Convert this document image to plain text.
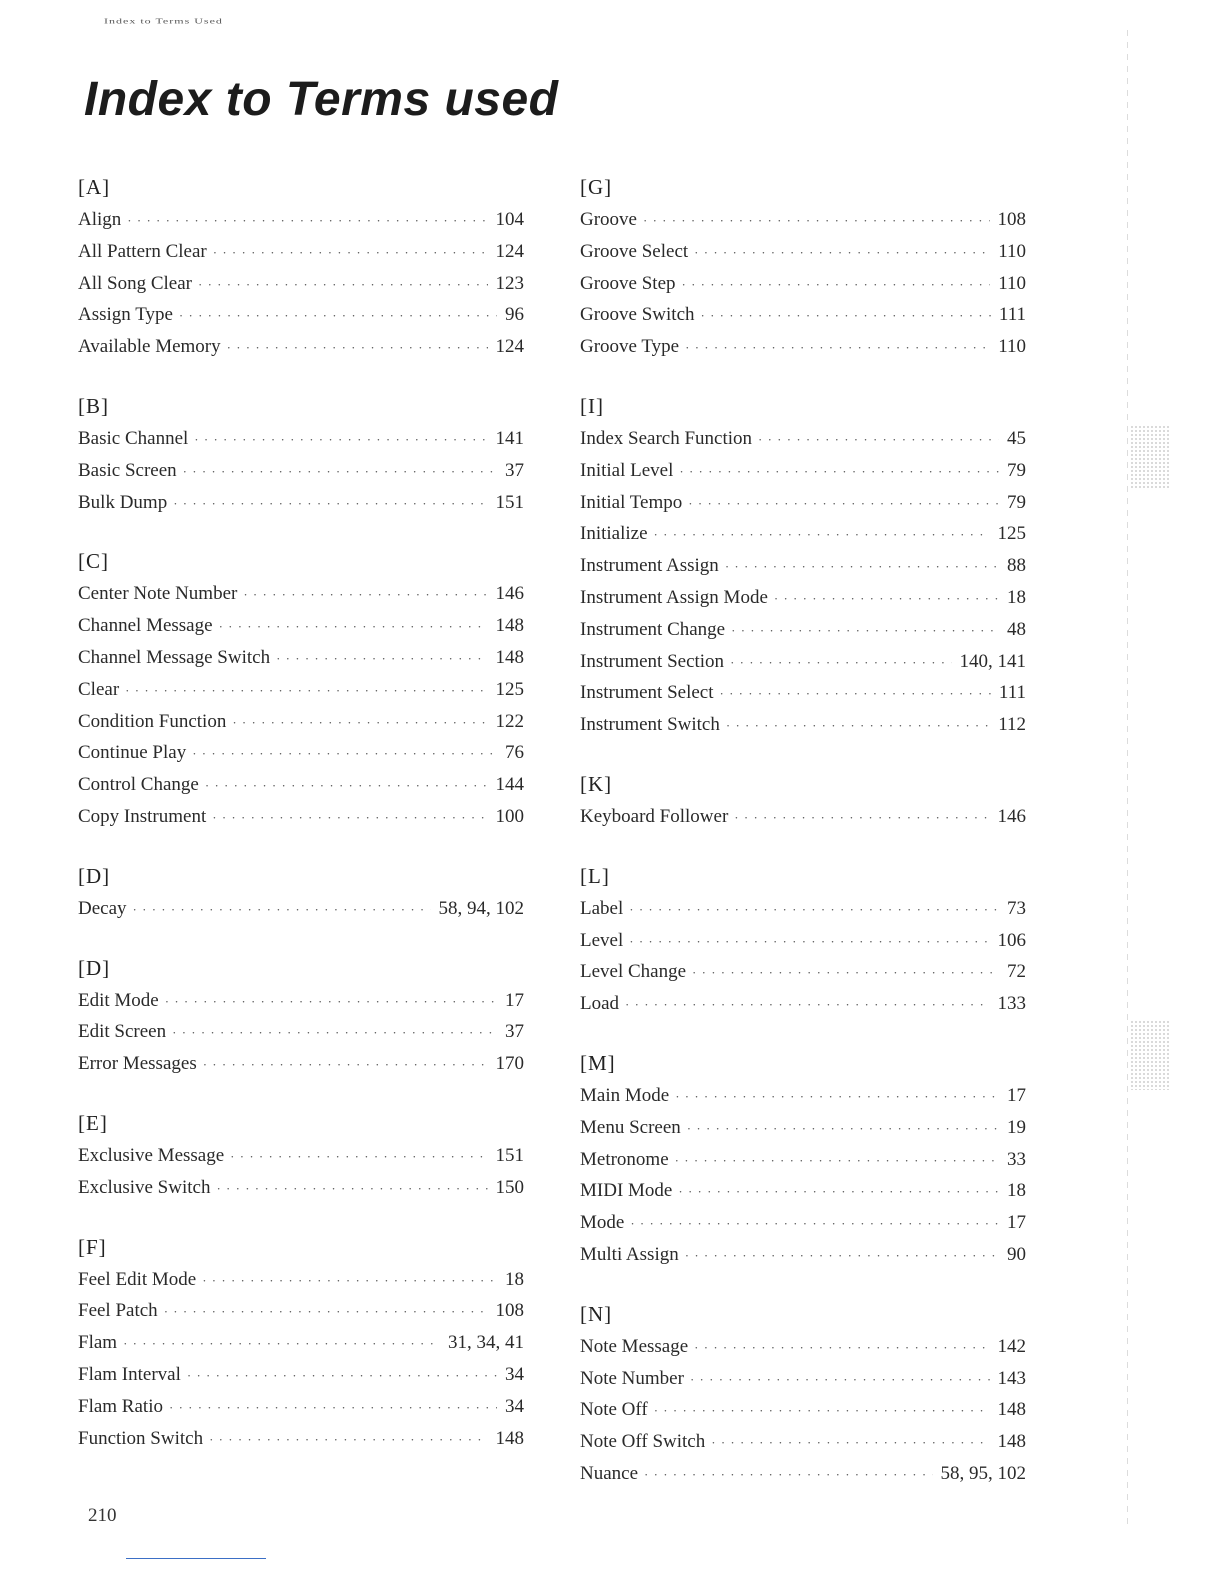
Index to Terms Used
Index to Terms used
[A]
Align · · ·	104
All Pattern Clear · · ·	124
All Song Clear · · ·	123
Assign Type · · ·	96
Available Memory · · ·	124
[B]
Basic Channel · · ·	141
Basic Screen · · ·	37
Bulk Dump · · ·	151
[C]
Center Note Number · · ·	146
Channel Message · · ·	148
Channel Message Switch · · ·	148
Clear · · ·	125
Condition Function · · ·	122
Continue Play · · ·	76
Control Change · · ·	144
Copy Instrument · · ·	100
[D]
Decay · · ·	58, 94, 102
[D]
Edit Mode · · ·	17
Edit Screen · · ·	37
Error Messages · · ·	170
[E]
Exclusive Message · · ·	151
Exclusive Switch · · ·	150
[F]
Feel Edit Mode · · ·	18
Feel Patch · · ·	108
Flam · · ·	31, 34, 41
Flam Interval · · ·	34
Flam Ratio · · ·	34
Function Switch · · ·	148
[G]
Groove · · ·	108
Groove Select · · ·	110
Groove Step · · ·	110
Groove Switch · · ·	111
Groove Type · · ·	110
[I]
Index Search Function · · ·	45
Initial Level · · ·	79
Initial Tempo · · ·	79
Initialize · · ·	125
Instrument Assign · · ·	88
Instrument Assign Mode · · ·	18
Instrument Change · · ·	48
Instrument Section · · ·	140, 141
Instrument Select · · ·	111
Instrument Switch · · ·	112
[K]
Keyboard Follower · · ·	146
[L]
Label · · ·	73
Level · · ·	106
Level Change · · ·	72
Load · · ·	133
[M]
Main Mode · · ·	17
Menu Screen · · ·	19
Metronome · · ·	33
MIDI Mode · · ·	18
Mode · · ·	17
Multi Assign · · ·	90
[N]
Note Message · · ·	142
Note Number · · ·	143
Note Off · · ·	148
Note Off Switch · · ·	148
Nuance · · ·	58, 95, 102
210
